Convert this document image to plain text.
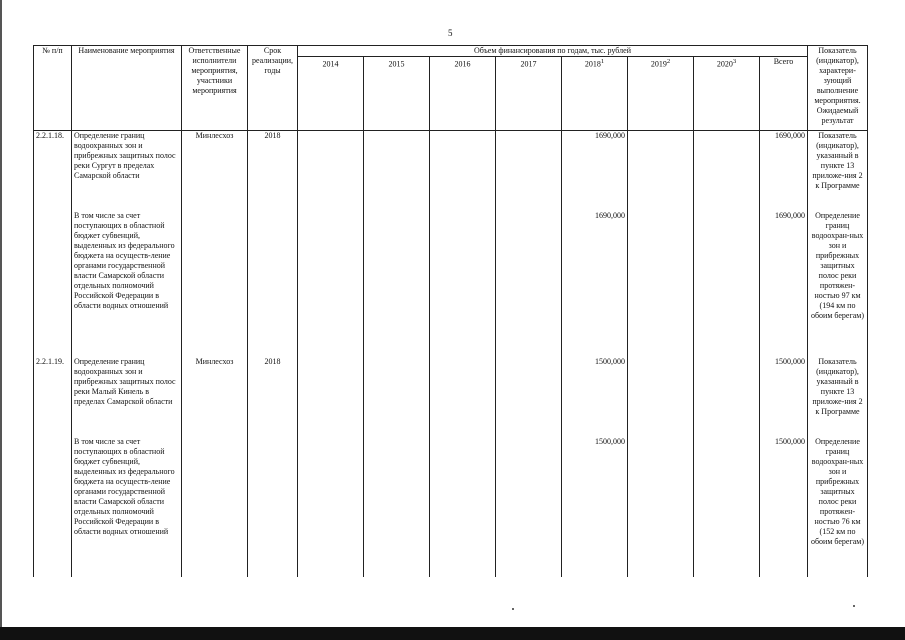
5
№ п/п	Наименование мероприятия	Ответственные исполнители мероприятия, участники мероприятия	Срок реализации, годы	Объем финансирования по годам, тыс. рублей								Показатель (индикатор), характери-зующий выполнение мероприятия. Ожидаемый результат
				2014	2015	2016	2017	2018$^1$	2019$^2$	2020$^3$	Всего	
2.2.1.18.	Определение границ водоохранных зон и прибрежных защитных полос реки Сургут в пределах Самарской области	Минлесхоз	2018					1690,000			1690,000	Показатель (индикатор), указанный в пункте 13 приложе-ния 2 к Программе
	В том числе за счет поступающих в областной бюджет субвенций, выделенных из федерального бюджета на осуществ-ление органами государственной власти Самарской области отдельных полномочий Российской Федерации в области водных отношений							1690,000			1690,000	Определение границ водоохран-ных зон и прибрежных защитных полос реки протяжен-ностью 97 км (194 км по обоим берегам)
2.2.1.19.	Определение границ водоохранных зон и прибрежных защитных полос реки Малый Кинель в пределах Самарской области	Минлесхоз	2018					1500,000			1500,000	Показатель (индикатор), указанный в пункте 13 приложе-ния 2 к Программе
	В том числе за счет поступающих в областной бюджет субвенций, выделенных из федерального бюджета на осуществ-ление органами государственной власти Самарской области отдельных полномочий Российской Федерации в области водных отношений							1500,000			1500,000	Определение границ водоохран-ных зон и прибрежных защитных полос реки протяжен-ностью 76 км (152 км по обоим берегам)
